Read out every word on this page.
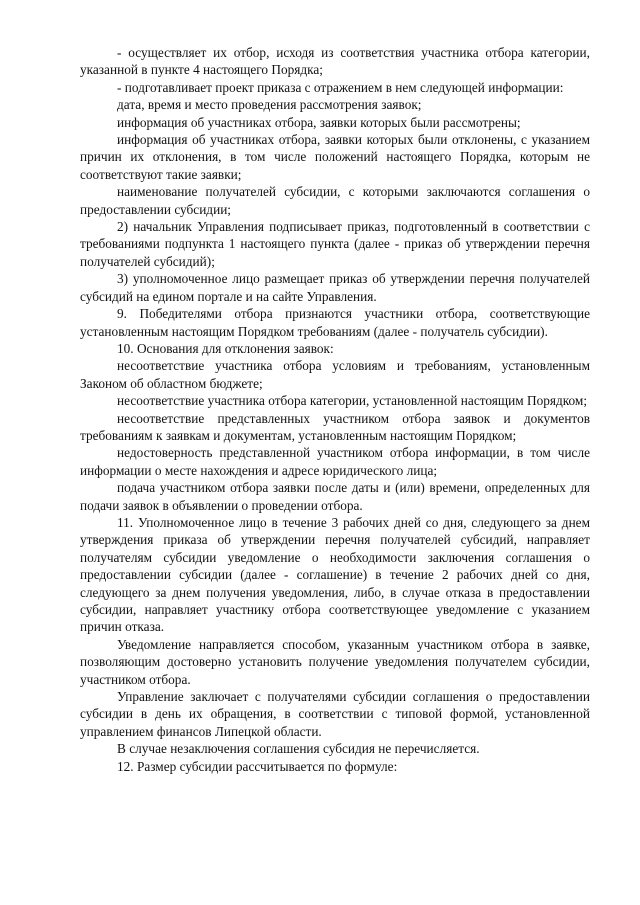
- осуществляет их отбор, исходя из соответствия участника отбора категории, указанной в пункте 4 настоящего Порядка;

- подготавливает проект приказа с отражением в нем следующей информации:

дата, время и место проведения рассмотрения заявок;

информация об участниках отбора, заявки которых были рассмотрены;

информация об участниках отбора, заявки которых были отклонены, с указанием причин их отклонения, в том числе положений настоящего Порядка, которым не соответствуют такие заявки;

наименование получателей субсидии, с которыми заключаются соглашения о предоставлении субсидии;

2) начальник Управления подписывает приказ, подготовленный в соответствии с требованиями подпункта 1 настоящего пункта (далее - приказ об утверждении перечня получателей субсидий);

3) уполномоченное лицо размещает приказ об утверждении перечня получателей субсидий на едином портале и на сайте Управления.

9. Победителями отбора признаются участники отбора, соответствующие установленным настоящим Порядком требованиям (далее - получатель субсидии).

10. Основания для отклонения заявок:

несоответствие участника отбора условиям и требованиям, установленным Законом об областном бюджете;

несоответствие участника отбора категории, установленной настоящим Порядком;

несоответствие представленных участником отбора заявок и документов требованиям к заявкам и документам, установленным настоящим Порядком;

недостоверность представленной участником отбора информации, в том числе информации о месте нахождения и адресе юридического лица;

подача участником отбора заявки после даты и (или) времени, определенных для подачи заявок в объявлении о проведении отбора.

11. Уполномоченное лицо в течение 3 рабочих дней со дня, следующего за днем утверждения приказа об утверждении перечня получателей субсидий, направляет получателям субсидии уведомление о необходимости заключения соглашения о предоставлении субсидии (далее - соглашение) в течение 2 рабочих дней со дня, следующего за днем получения уведомления, либо, в случае отказа в предоставлении субсидии, направляет участнику отбора соответствующее уведомление с указанием причин отказа.

Уведомление направляется способом, указанным участником отбора в заявке, позволяющим достоверно установить получение уведомления получателем субсидии, участником отбора.

Управление заключает с получателями субсидии соглашения о предоставлении субсидии в день их обращения, в соответствии с типовой формой, установленной управлением финансов Липецкой области.

В случае незаключения соглашения субсидия не перечисляется.

12. Размер субсидии рассчитывается по формуле:
